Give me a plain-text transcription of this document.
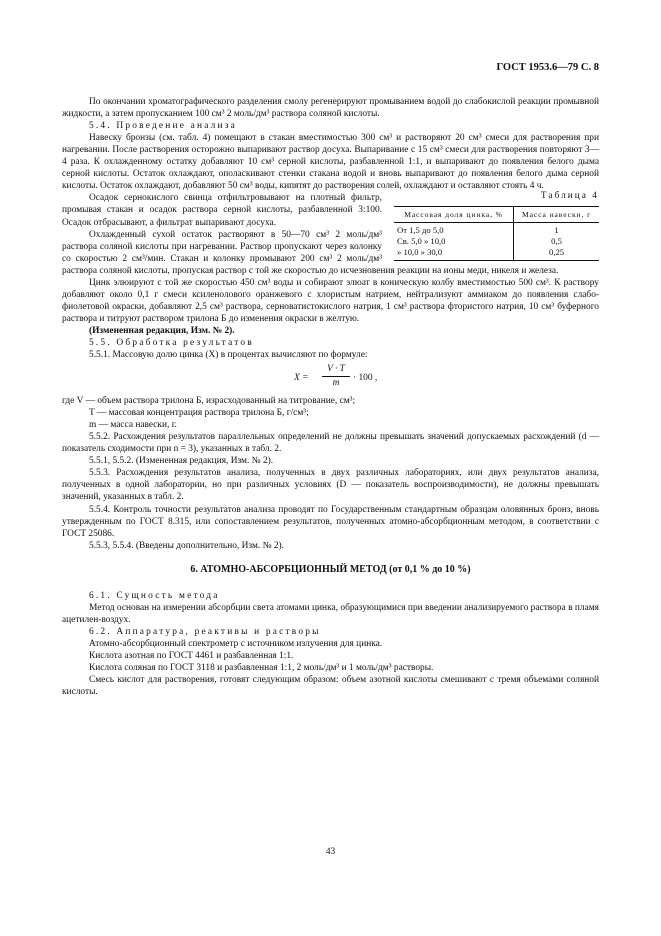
ГОСТ 1953.6—79 С. 8

По окончании хроматографического разделения смолу регенерируют промыванием водой до слабокислой реакции промывной жидкости, а затем пропусканием 100 см³ 2 моль/дм³ раствора соляной кислоты.

5.4. Проведение анализа

Навеску бронзы (см. табл. 4) помещают в стакан вместимостью 300 см³ и растворяют 20 см³ смеси для растворения при нагревании. После растворения осторожно выпаривают раствор досуха. Выпаривание с 15 см³ смеси для растворения повторяют 3—4 раза. К охлажденному остатку добавляют 10 см³ серной кислоты, разбавленной 1:1, и выпаривают до появления белого дыма серной кислоты. Остаток охлаждают, ополаскивают стенки стакана водой и вновь выпаривают до появления белого дыма серной кислоты. Остаток охлаждают, добавляют 50 см³ воды, кипятят до растворения солей, охлаждают и оставляют стоять 4 ч.

Таблица 4
Массовая доля цинка, %	Масса навески, г
От 1,5 до 5,0	1
Св. 5,0 » 10,0	0,5
» 10,0 » 30,0	0,25

Осадок сернокислого свинца отфильтровывают на плотный фильтр, промывая стакан и осадок раствора серной кислоты, разбавленной 3:100. Осадок отбрасывают, а фильтрат выпаривают досуха.

Охлажденный сухой остаток растворяют в 50—70 см³ 2 моль/дм³ раствора соляной кислоты при нагревании. Раствор пропускают через колонку со скоростью 2 см³/мин. Стакан и колонку промывают 200 см³ 2 моль/дм³ раствора соляной кислоты, пропуская раствор с той же скоростью до исчезновения реакции на ионы меди, никеля и железа.

Цинк элюируют с той же скоростью 450 см³ воды и собирают элюат в коническую колбу вместимостью 500 см³. К раствору добавляют около 0,1 г смеси ксиленолового оранжевого с хлористым натрием, нейтрализуют аммиаком до появления слабо-фиолетовой окраски, добавляют 2,5 см³ раствора, серноватистокислого натрия, 1 см³ раствора фтористого натрия, 10 см³ буферного раствора и титруют раствором трилона Б до изменения окраски в желтую.

(Измененная редакция, Изм. № 2).

5.5. Обработка результатов

5.5.1. Массовую долю цинка (X) в процентах вычисляют по формуле:

$X = \frac{V \cdot T}{m} \cdot 100$ ,

где V — объем раствора трилона Б, израсходованный на титрование, см³;

T — массовая концентрация раствора трилона Б, г/см³;

m — масса навески, г.

5.5.2. Расхождения результатов параллельных определений не должны превышать значений допускаемых расхождений (d — показатель сходимости при n = 3), указанных в табл. 2.

5.5.1, 5.5.2. (Измененная редакция, Изм. № 2).

5.5.3. Расхождения результатов анализа, полученных в двух различных лабораториях, или двух результатов анализа, полученных в одной лаборатории, но при различных условиях (D — показатель воспроизводимости), не должны превышать значений, указанных в табл. 2.

5.5.4. Контроль точности результатов анализа проводят по Государственным стандартным образцам оловянных бронз, вновь утвержденным по ГОСТ 8.315, или сопоставлением результатов, полученных атомно-абсорбционным методом, в соответствии с ГОСТ 25086.

5.5.3, 5.5.4. (Введены дополнительно, Изм. № 2).

6. АТОМНО-АБСОРБЦИОННЫЙ МЕТОД (от 0,1 % до 10 %)

6.1. Сущность метода

Метод основан на измерении абсорбции света атомами цинка, образующимися при введении анализируемого раствора в пламя ацетилен-воздух.

6.2. Аппаратура, реактивы и растворы

Атомно-абсорбционный спектрометр с источником излучения для цинка.

Кислота азотная по ГОСТ 4461 и разбавленная 1:1.

Кислота соляная по ГОСТ 3118 и разбавленная 1:1, 2 моль/дм³ и 1 моль/дм³ растворы.

Смесь кислот для растворения, готовят следующим образом: объем азотной кислоты смешивают с тремя объемами соляной кислоты.

43
